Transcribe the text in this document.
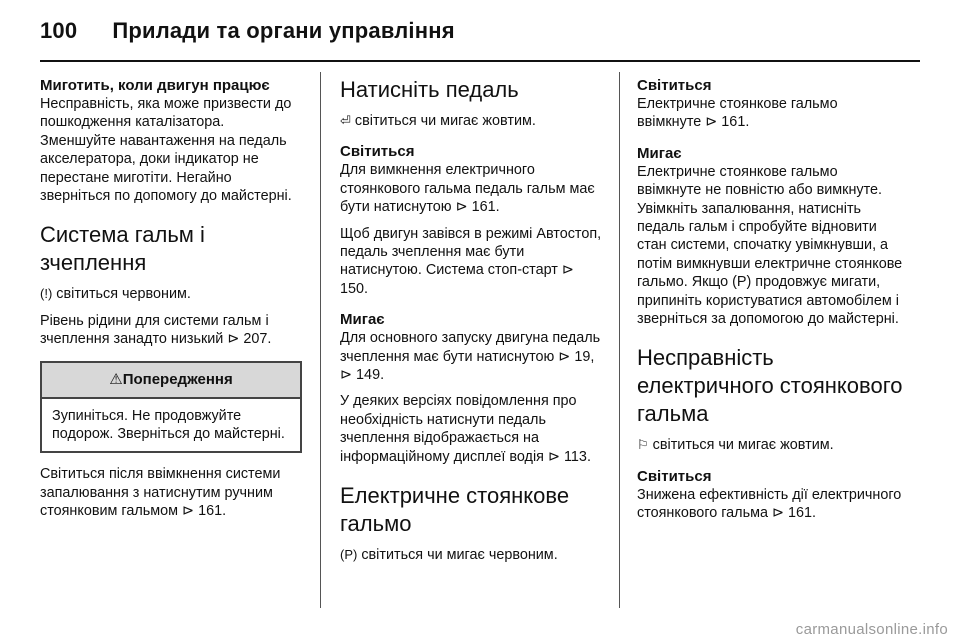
100 Прилади та органи управління

Миготить, коли двигун працює

Несправність, яка може призвести до пошкодження каталізатора. Зменшуйте навантаження на педаль акселератора, доки індикатор не перестане миготіти. Негайно зверніться по допомогу до майстерні.

Система гальм і зчеплення

(!) світиться червоним.

Рівень рідини для системи гальм і зчеплення занадто низький ⊳ 207.

⚠Попередження
Зупиніться. Не продовжуйте подорож. Зверніться до майстерні.

Світиться після ввімкнення системи запалювання з натиснутим ручним стоянковим гальмом ⊳ 161.

Натисніть педаль

⏎ світиться чи мигає жовтим.

Світиться

Для вимкнення електричного стоянкового гальма педаль гальм має бути натиснутою ⊳ 161.

Щоб двигун завівся в режимі Автостоп, педаль зчеплення має бути натиснутою. Система стоп-старт ⊳ 150.

Мигає

Для основного запуску двигуна педаль зчеплення має бути натиснутою ⊳ 19, ⊳ 149.

У деяких версіях повідомлення про необхідність натиснути педаль зчеплення відображається на інформаційному дисплеї водія ⊳ 113.

Електричне стоянкове гальмо

(P) світиться чи мигає червоним.

Світиться

Електричне стоянкове гальмо ввімкнуте ⊳ 161.

Мигає

Електричне стоянкове гальмо ввімкнуте не повністю або вимкнуте. Увімкніть запалювання, натисніть педаль гальм і спробуйте відновити стан системи, спочатку увімкнувши, а потім вимкнувши електричне стоянкове гальмо. Якщо (P) продовжує мигати, припиніть користуватися автомобілем і зверніться за допомогою до майстерні.

Несправність електричного стоянкового гальма

⚐ світиться чи мигає жовтим.

Світиться

Знижена ефективність дії електричного стоянкового гальма ⊳ 161.

carmanualsonline.info
